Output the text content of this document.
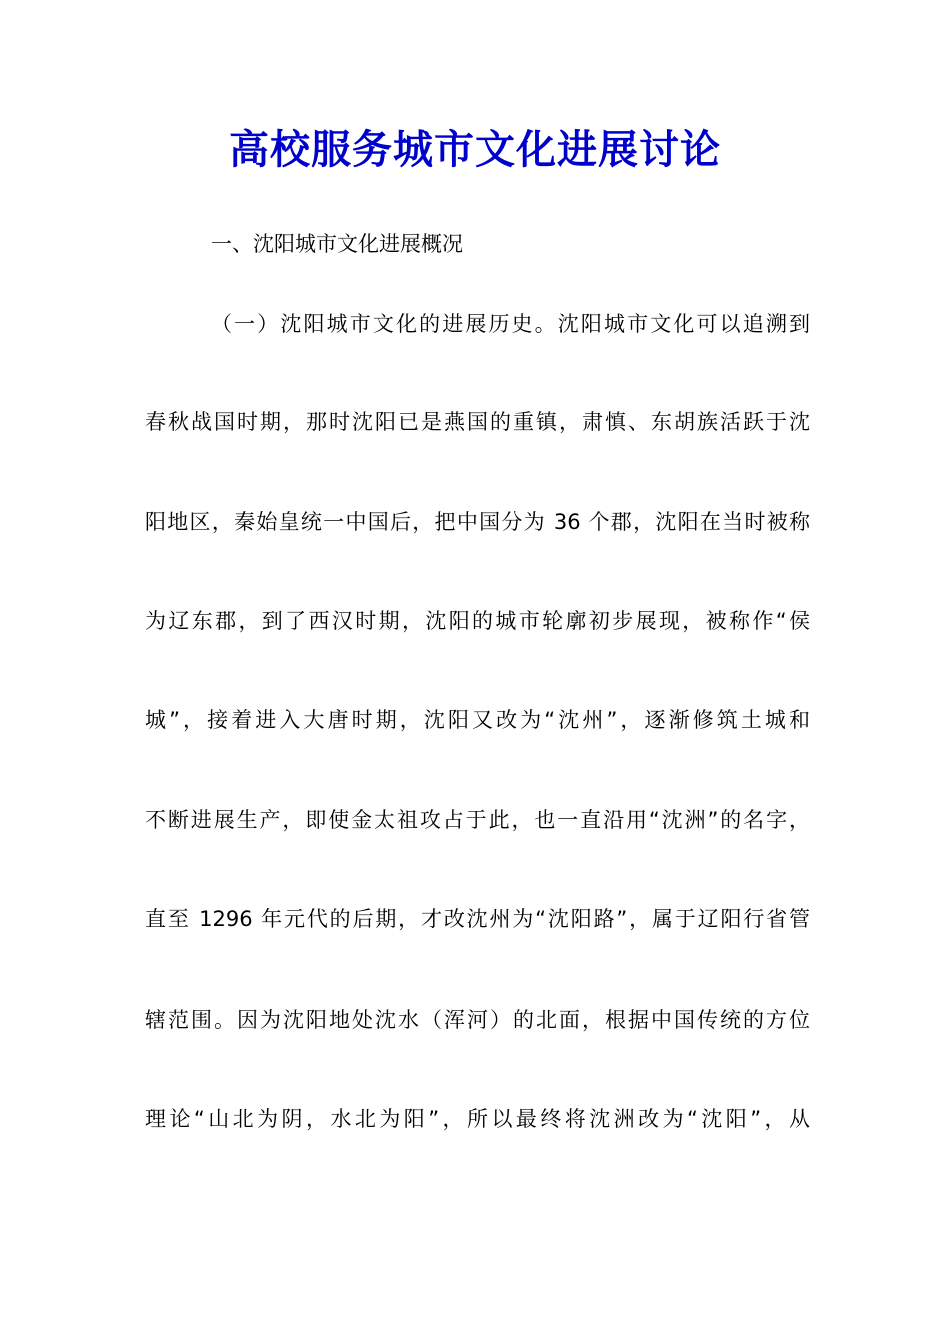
高校服务城市文化进展讨论
一、沈阳城市文化进展概况
（一）沈阳城市文化的进展历史。沈阳城市文化可以追溯到
春秋战国时期，那时沈阳已是燕国的重镇，肃慎、东胡族活跃于沈
阳地区，秦始皇统一中国后，把中国分为 36 个郡，沈阳在当时被称
为辽东郡，到了西汉时期，沈阳的城市轮廓初步展现，被称作“侯
城”，接着进入大唐时期，沈阳又改为“沈州”，逐渐修筑土城和
不断进展生产，即使金太祖攻占于此，也一直沿用“沈洲”的名字，
直至 1296 年元代的后期，才改沈州为“沈阳路”，属于辽阳行省管
辖范围。因为沈阳地处沈水（浑河）的北面，根据中国传统的方位
理论“山北为阴，水北为阳”，所以最终将沈洲改为“沈阳”，从
